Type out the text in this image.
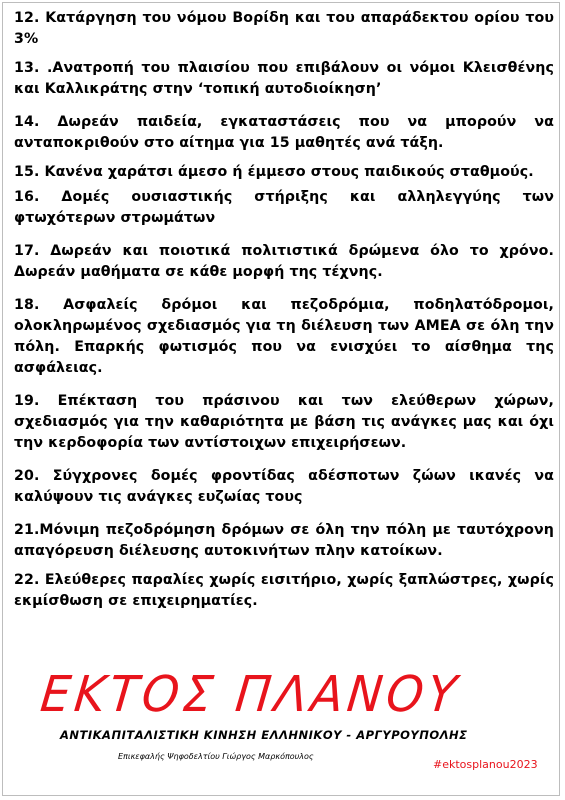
12. Κατάργηση του νόμου Βορίδη και του απαράδεκτου ορίου του 3%

13. .Ανατροπή του πλαισίου που επιβάλουν οι νόμοι Κλεισθένης και Καλλικράτης στην ‘τοπική αυτοδιοίκηση’

14. Δωρεάν παιδεία, εγκαταστάσεις που να μπορούν να ανταποκριθούν στο αίτημα για 15 μαθητές ανά τάξη.

15. Κανένα χαράτσι άμεσο ή έμμεσο στους παιδικούς σταθμούς.

16. Δομές ουσιαστικής στήριξης και αλληλεγγύης των φτωχότερων στρωμάτων

17. Δωρεάν και ποιοτικά πολιτιστικά δρώμενα όλο το χρόνο. Δωρεάν μαθήματα σε κάθε μορφή της τέχνης.

18. Ασφαλείς δρόμοι και πεζοδρόμια, ποδηλατόδρομοι, ολοκληρωμένος σχεδιασμός για τη διέλευση των ΑΜΕΑ σε όλη την πόλη. Επαρκής φωτισμός που να ενισχύει το αίσθημα της ασφάλειας.

19. Επέκταση του πράσινου και των ελεύθερων χώρων, σχεδιασμός για την καθαριότητα με βάση τις ανάγκες μας και όχι την κερδοφορία των αντίστοιχων επιχειρήσεων.

20. Σύγχρονες δομές φροντίδας αδέσποτων ζώων ικανές να καλύψουν τις ανάγκες ευζωίας τους

21.Μόνιμη πεζοδρόμηση δρόμων σε όλη την πόλη με ταυτόχρονη απαγόρευση διέλευσης αυτοκινήτων πλην κατοίκων.

22. Ελεύθερες παραλίες χωρίς εισιτήριο, χωρίς ξαπλώστρες, χωρίς εκμίσθωση σε επιχειρηματίες.

ΕΚΤΟΣ ΠΛΑΝΟΥ
ΑΝΤΙΚΑΠΙΤΑΛΙΣΤΙΚΗ ΚΙΝΗΣΗ ΕΛΛΗΝΙΚΟΥ - ΑΡΓΥΡΟΥΠΟΛΗΣ
Επικεφαλής Ψηφοδελτίου Γιώργος Μαρκόπουλος
#ektosplanou2023
